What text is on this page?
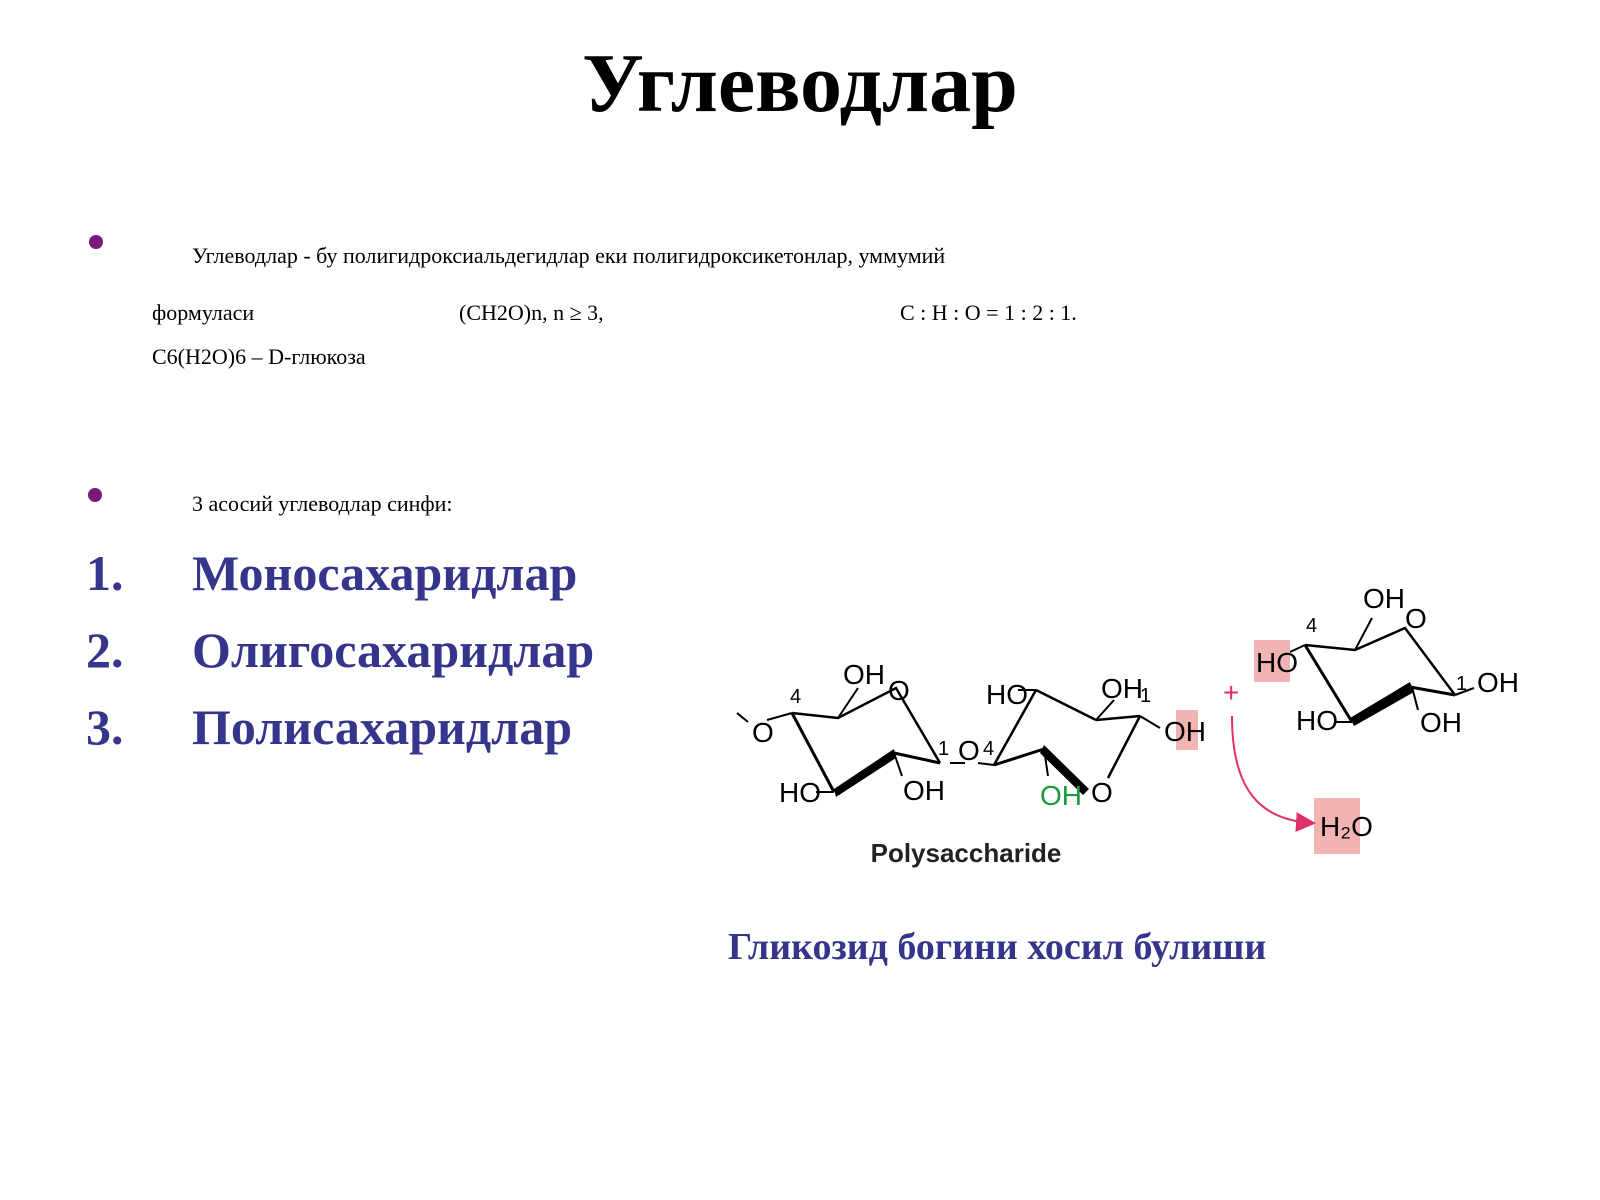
Углеводлар
Углеводлар - бу полигидроксиальдегидлар еки полигидроксикетонлар, уммумий
формуласи	(CH2O)n, n ≥ 3,	C : H : O = 1 : 2 : 1.
C6(H2O)6 – D-глюкоза
3 асосий углеводлар синфи:
1. Моносахаридлар
2. Олигосахаридлар
3. Полисахаридлар
OH
O
4
O
HO	OH
1 O 4
HO	OH
1
OH
OH O
+
HO
4
OH
O
HO	OH
1 OH
H₂O
Polysaccharide
Гликозид богини хосил булиши
